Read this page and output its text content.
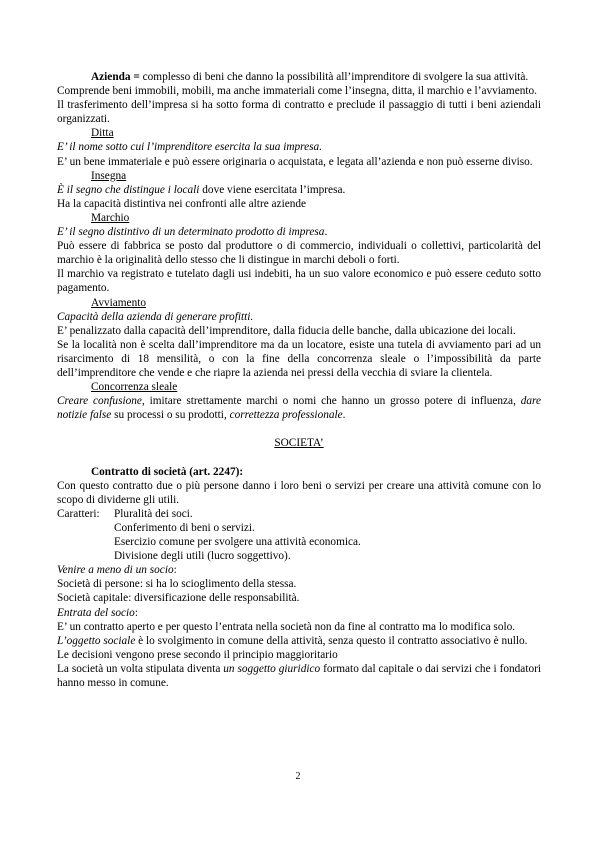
Azienda = complesso di beni che danno la possibilità all’imprenditore di svolgere la sua attività.

Comprende beni immobili, mobili, ma anche immateriali come l’insegna, ditta, il marchio e l’avviamento.

Il trasferimento dell’impresa si ha sotto forma di contratto e preclude il passaggio di tutti i beni aziendali organizzati.

Ditta

E’ il nome sotto cui l’imprenditore esercita la sua impresa.

E’ un bene immateriale e può essere originaria o acquistata, e legata all’azienda e non può esserne diviso.

Insegna

È il segno che distingue i locali dove viene esercitata l’impresa.

Ha la capacità distintiva nei confronti alle altre aziende

Marchio

E’ il segno distintivo di un determinato prodotto di impresa.

Può essere di fabbrica se posto dal produttore o di commercio, individuali o collettivi, particolarità del marchio è la originalità dello stesso che li distingue in marchi deboli o forti.

Il marchio va registrato e tutelato dagli usi indebiti, ha un suo valore economico e può essere ceduto sotto pagamento.

Avviamento

Capacità della azienda di generare profitti.

E’ penalizzato dalla capacità dell’imprenditore, dalla fiducia delle banche, dalla ubicazione dei locali.

Se la località non è scelta dall’imprenditore ma da un locatore, esiste una tutela di avviamento pari ad un risarcimento di 18 mensilità, o con la fine della concorrenza sleale o l’impossibilità da parte dell’imprenditore che vende e che riapre la azienda nei pressi della vecchia di sviare la clientela.

Concorrenza sleale

Creare confusione, imitare strettamente marchi o nomi che hanno un grosso potere di influenza, dare notizie false su processi o su prodotti, correttezza professionale.

SOCIETA’

Contratto di società (art. 2247):

Con questo contratto due o più persone danno i loro beni o servizi per creare una attività comune con lo scopo di dividerne gli utili.

Caratteri:	Pluralità dei soci.

Conferimento di beni o servizi.

Esercizio comune per svolgere una attività economica.

Divisione degli utili (lucro soggettivo).

Venire a meno di un socio:

Società di persone: si ha lo scioglimento della stessa.

Società capitale: diversificazione delle responsabilità.

Entrata del socio:

E’ un contratto aperto e per questo l’entrata nella società non da fine al contratto ma lo modifica solo.

L’oggetto sociale è lo svolgimento in comune della attività, senza questo il contratto associativo è nullo.

Le decisioni vengono prese secondo il principio maggioritario

La società un volta stipulata diventa un soggetto giuridico formato dal capitale o dai servizi che i fondatori hanno messo in comune.

2
